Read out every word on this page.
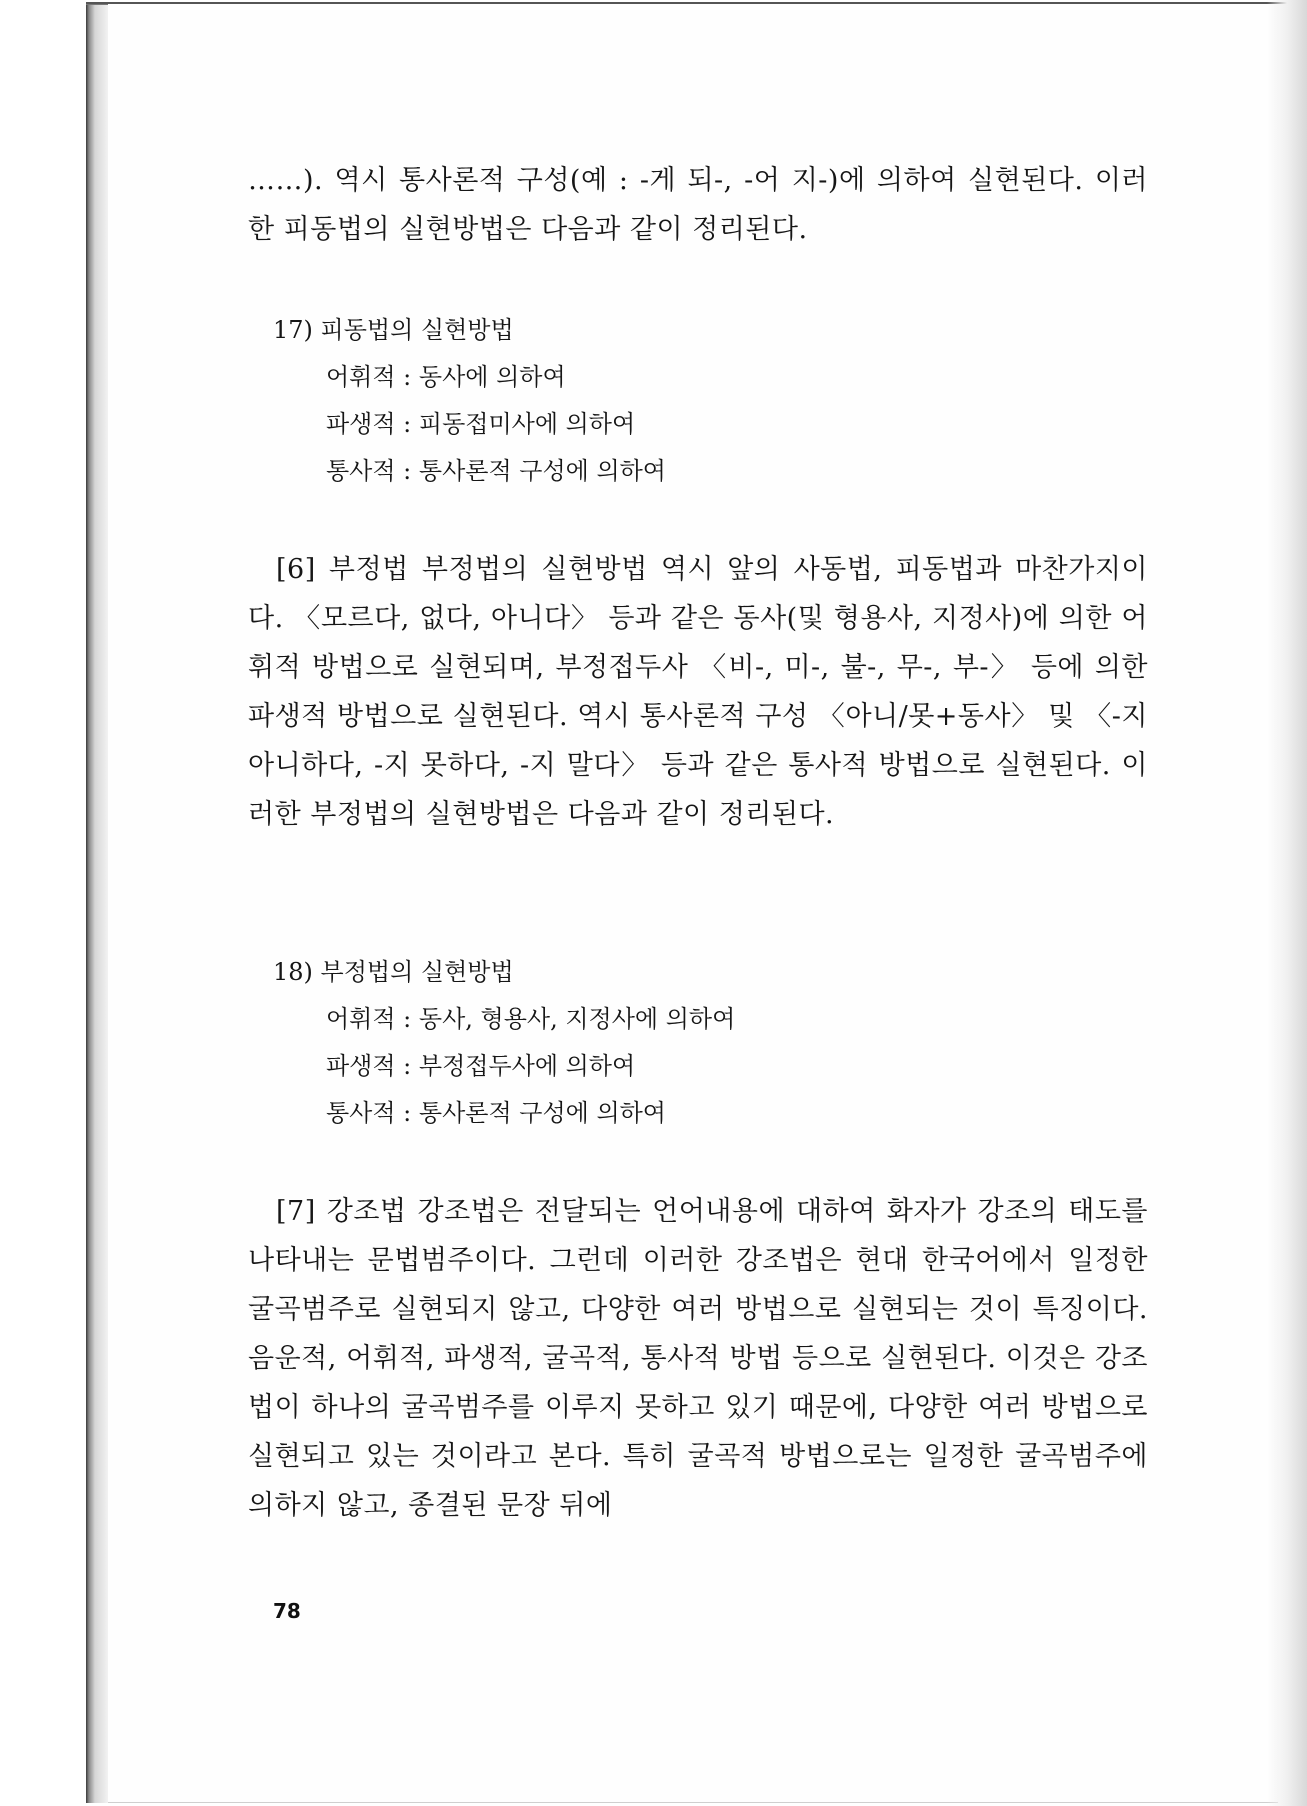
……). 역시 통사론적 구성(예 : -게 되-, -어 지-)에 의하여 실현된다. 이러한 피동법의 실현방법은 다음과 같이 정리된다.

17) 피동법의 실현방법
어휘적 : 동사에 의하여
파생적 : 피동접미사에 의하여
통사적 : 통사론적 구성에 의하여

[6] 부정법 부정법의 실현방법 역시 앞의 사동법, 피동법과 마찬가지이다. 〈모르다, 없다, 아니다〉 등과 같은 동사(및 형용사, 지정사)에 의한 어휘적 방법으로 실현되며, 부정접두사 〈비-, 미-, 불-, 무-, 부-〉 등에 의한 파생적 방법으로 실현된다. 역시 통사론적 구성 〈아니/못+동사〉 및 〈-지 아니하다, -지 못하다, -지 말다〉 등과 같은 통사적 방법으로 실현된다. 이러한 부정법의 실현방법은 다음과 같이 정리된다.

18) 부정법의 실현방법
어휘적 : 동사, 형용사, 지정사에 의하여
파생적 : 부정접두사에 의하여
통사적 : 통사론적 구성에 의하여

[7] 강조법 강조법은 전달되는 언어내용에 대하여 화자가 강조의 태도를 나타내는 문법범주이다. 그런데 이러한 강조법은 현대 한국어에서 일정한 굴곡범주로 실현되지 않고, 다양한 여러 방법으로 실현되는 것이 특징이다. 음운적, 어휘적, 파생적, 굴곡적, 통사적 방법 등으로 실현된다. 이것은 강조법이 하나의 굴곡범주를 이루지 못하고 있기 때문에, 다양한 여러 방법으로 실현되고 있는 것이라고 본다. 특히 굴곡적 방법으로는 일정한 굴곡범주에 의하지 않고, 종결된 문장 뒤에

78
